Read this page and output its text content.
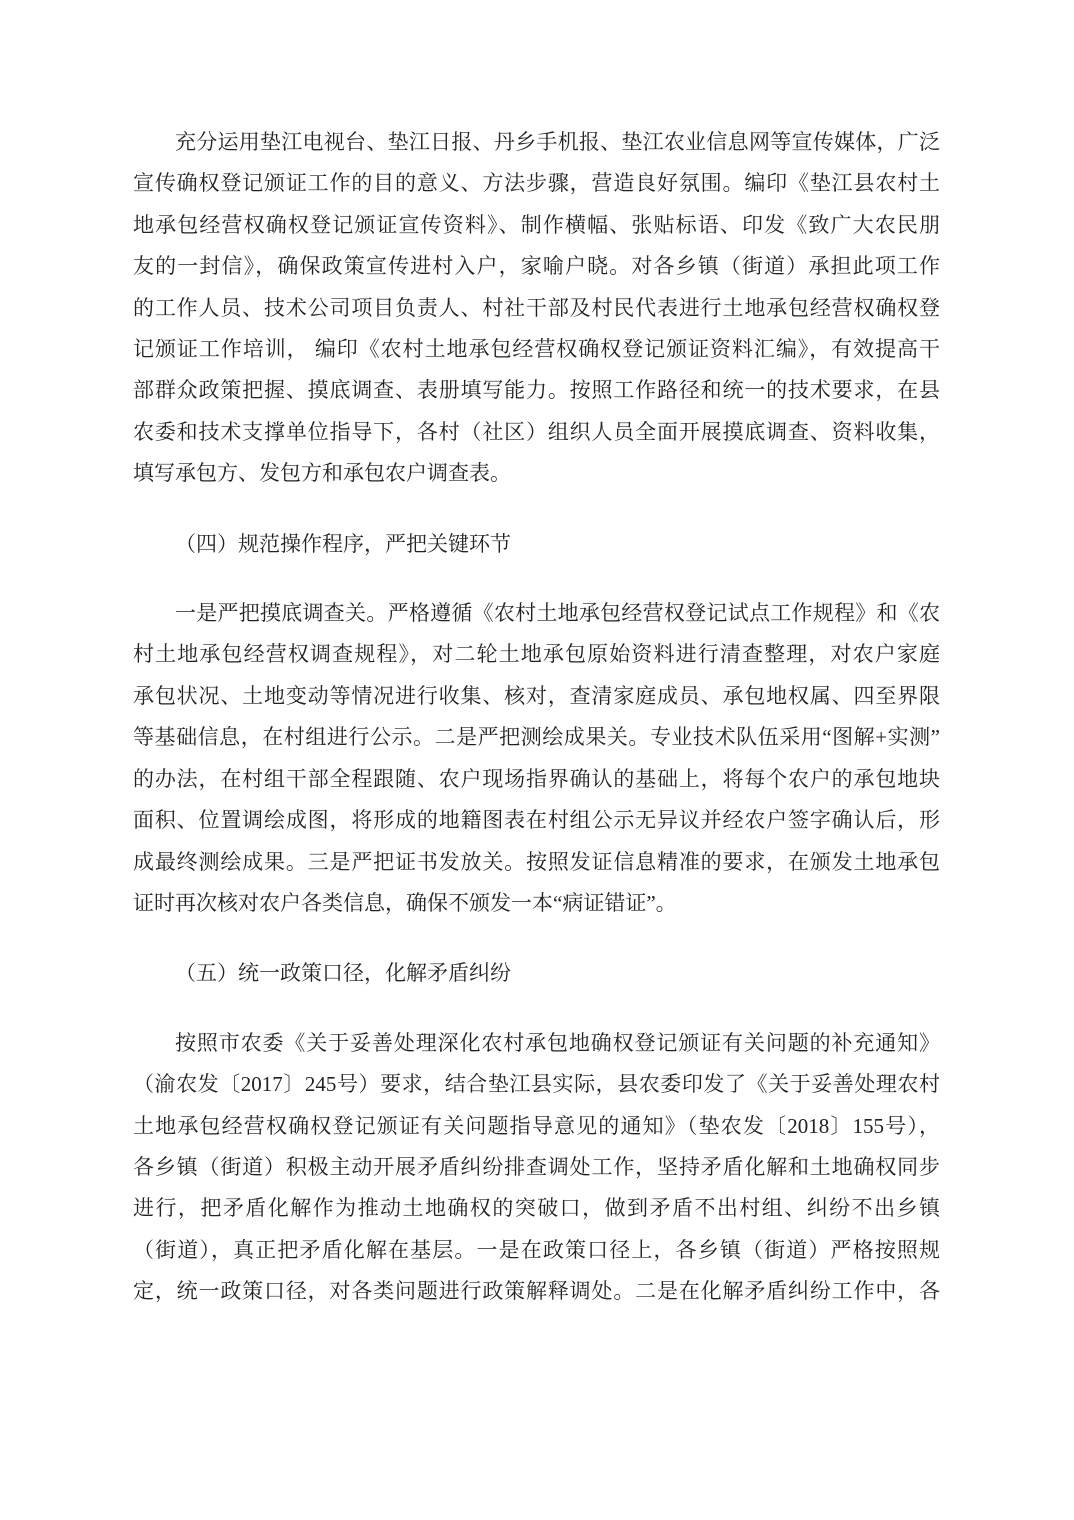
充分运用垫江电视台、垫江日报、丹乡手机报、垫江农业信息网等宣传媒体，广泛
宣传确权登记颁证工作的目的意义、方法步骤，营造良好氛围。编印《垫江县农村土
地承包经营权确权登记颁证宣传资料》、制作横幅、张贴标语、印发《致广大农民朋
友的一封信》，确保政策宣传进村入户，家喻户晓。对各乡镇（街道）承担此项工作
的工作人员、技术公司项目负责人、村社干部及村民代表进行土地承包经营权确权登
记颁证工作培训， 编印《农村土地承包经营权确权登记颁证资料汇编》，有效提高干
部群众政策把握、摸底调查、表册填写能力。按照工作路径和统一的技术要求，在县
农委和技术支撑单位指导下，各村（社区）组织人员全面开展摸底调查、资料收集，
填写承包方、发包方和承包农户调查表。
（四）规范操作程序，严把关键环节
一是严把摸底调查关。严格遵循《农村土地承包经营权登记试点工作规程》和《农
村土地承包经营权调查规程》，对二轮土地承包原始资料进行清查整理，对农户家庭
承包状况、土地变动等情况进行收集、核对，查清家庭成员、承包地权属、四至界限
等基础信息，在村组进行公示。二是严把测绘成果关。专业技术队伍采用“图解+实测”
的办法，在村组干部全程跟随、农户现场指界确认的基础上，将每个农户的承包地块
面积、位置调绘成图，将形成的地籍图表在村组公示无异议并经农户签字确认后，形
成最终测绘成果。三是严把证书发放关。按照发证信息精准的要求，在颁发土地承包
证时再次核对农户各类信息，确保不颁发一本“病证错证”。
（五）统一政策口径，化解矛盾纠纷
按照市农委《关于妥善处理深化农村承包地确权登记颁证有关问题的补充通知》
（渝农发〔2017〕245号）要求，结合垫江县实际，县农委印发了《关于妥善处理农村
土地承包经营权确权登记颁证有关问题指导意见的通知》（垫农发〔2018〕155号），
各乡镇（街道）积极主动开展矛盾纠纷排查调处工作，坚持矛盾化解和土地确权同步
进行，把矛盾化解作为推动土地确权的突破口，做到矛盾不出村组、纠纷不出乡镇
（街道），真正把矛盾化解在基层。一是在政策口径上，各乡镇（街道）严格按照规
定，统一政策口径，对各类问题进行政策解释调处。二是在化解矛盾纠纷工作中，各
